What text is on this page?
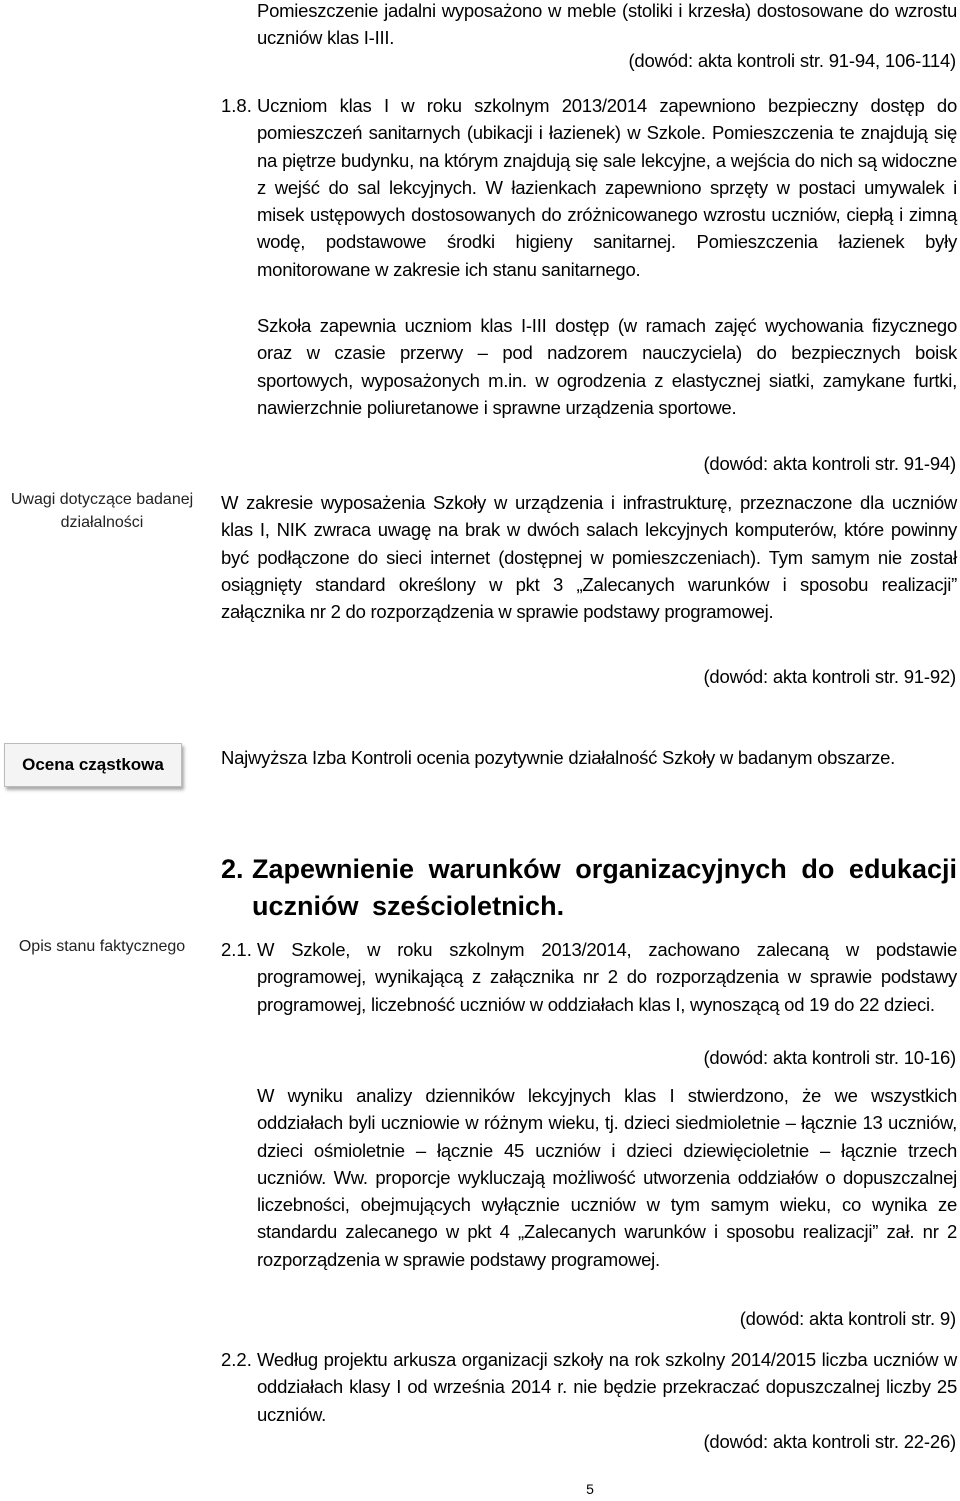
Pomieszczenie jadalni wyposażono w meble (stoliki i krzesła) dostosowane do wzrostu uczniów klas I-III.
(dowód: akta kontroli str. 91-94, 106-114)
1.8. Uczniom klas I w roku szkolnym 2013/2014 zapewniono bezpieczny dostęp do pomieszczeń sanitarnych (ubikacji i łazienek) w Szkole. Pomieszczenia te znajdują się na piętrze budynku, na którym znajdują się sale lekcyjne, a wejścia do nich są widoczne z wejść do sal lekcyjnych. W łazienkach zapewniono sprzęty w postaci umywalek i misek ustępowych dostosowanych do zróżnicowanego wzrostu uczniów, ciepłą i zimną wodę, podstawowe środki higieny sanitarnej. Pomieszczenia łazienek były monitorowane w zakresie ich stanu sanitarnego.
Szkoła zapewnia uczniom klas I-III dostęp (w ramach zajęć wychowania fizycznego oraz w czasie przerwy – pod nadzorem nauczyciela) do bezpiecznych boisk sportowych, wyposażonych m.in. w ogrodzenia z elastycznej siatki, zamykane furtki, nawierzchnie poliuretanowe i sprawne urządzenia sportowe.
(dowód: akta kontroli str. 91-94)
Uwagi dotyczące badanej działalności
W zakresie wyposażenia Szkoły w urządzenia i infrastrukturę, przeznaczone dla uczniów klas I, NIK zwraca uwagę na brak w dwóch salach lekcyjnych komputerów, które powinny być podłączone do sieci internet (dostępnej w pomieszczeniach). Tym samym nie został osiągnięty standard określony w pkt 3 „Zalecanych warunków i sposobu realizacji” załącznika nr 2 do rozporządzenia w sprawie podstawy programowej.
(dowód: akta kontroli str. 91-92)
Ocena cząstkowa	Najwyższa Izba Kontroli ocenia pozytywnie działalność Szkoły w badanym obszarze.
2. Zapewnienie warunków organizacyjnych do edukacji uczniów sześcioletnich.
Opis stanu faktycznego	2.1. W Szkole, w roku szkolnym 2013/2014, zachowano zalecaną w podstawie programowej, wynikającą z załącznika nr 2 do rozporządzenia w sprawie podstawy programowej, liczebność uczniów w oddziałach klas I, wynoszącą od 19 do 22 dzieci.
(dowód: akta kontroli str. 10-16)
W wyniku analizy dzienników lekcyjnych klas I stwierdzono, że we wszystkich oddziałach byli uczniowie w różnym wieku, tj. dzieci siedmioletnie – łącznie 13 uczniów, dzieci ośmioletnie – łącznie 45 uczniów i dzieci dziewięcioletnie – łącznie trzech uczniów. Ww. proporcje wykluczają możliwość utworzenia oddziałów o dopuszczalnej liczebności, obejmujących wyłącznie uczniów w tym samym wieku, co wynika ze standardu zalecanego w pkt 4 „Zalecanych warunków i sposobu realizacji” zał. nr 2 rozporządzenia w sprawie podstawy programowej.
(dowód: akta kontroli str. 9)
2.2. Według projektu arkusza organizacji szkoły na rok szkolny 2014/2015 liczba uczniów w oddziałach klasy I od września 2014 r. nie będzie przekraczać dopuszczalnej liczby 25 uczniów.
(dowód: akta kontroli str. 22-26)
5
